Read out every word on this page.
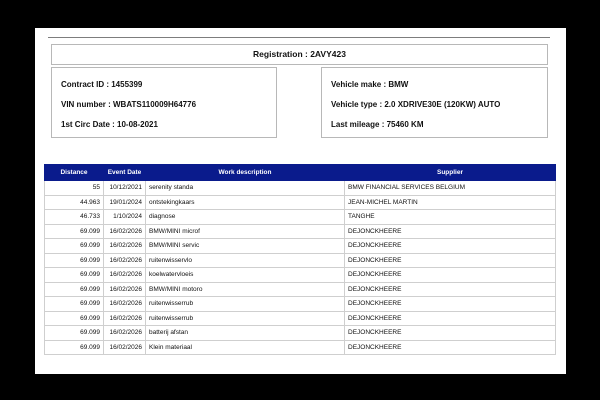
Registration : 2AVY423
Contract ID : 1455399
VIN number : WBATS110009H64776
1st Circ Date : 10-08-2021
Vehicle make : BMW
Vehicle type : 2.0 XDRIVE30E (120KW) AUTO
Last mileage : 75460 KM
Distance	Event Date	Work description	Supplier
55	10/12/2021	serenity standa	BMW FINANCIAL SERVICES BELGIUM
44.963	19/01/2024	ontstekingkaars	JEAN-MICHEL MARTIN
46.733	1/10/2024	diagnose	TANGHE
69.099	16/02/2026	BMW/MINI microf	DEJONCKHEERE
69.099	16/02/2026	BMW/MINI servic	DEJONCKHEERE
69.099	16/02/2026	ruitenwisservlo	DEJONCKHEERE
69.099	16/02/2026	koelwatervloeis	DEJONCKHEERE
69.099	16/02/2026	BMW/MINI motoro	DEJONCKHEERE
69.099	16/02/2026	ruitenwisserrub	DEJONCKHEERE
69.099	16/02/2026	ruitenwisserrub	DEJONCKHEERE
69.099	16/02/2026	batterij afstan	DEJONCKHEERE
69.099	16/02/2026	Klein materiaal	DEJONCKHEERE
